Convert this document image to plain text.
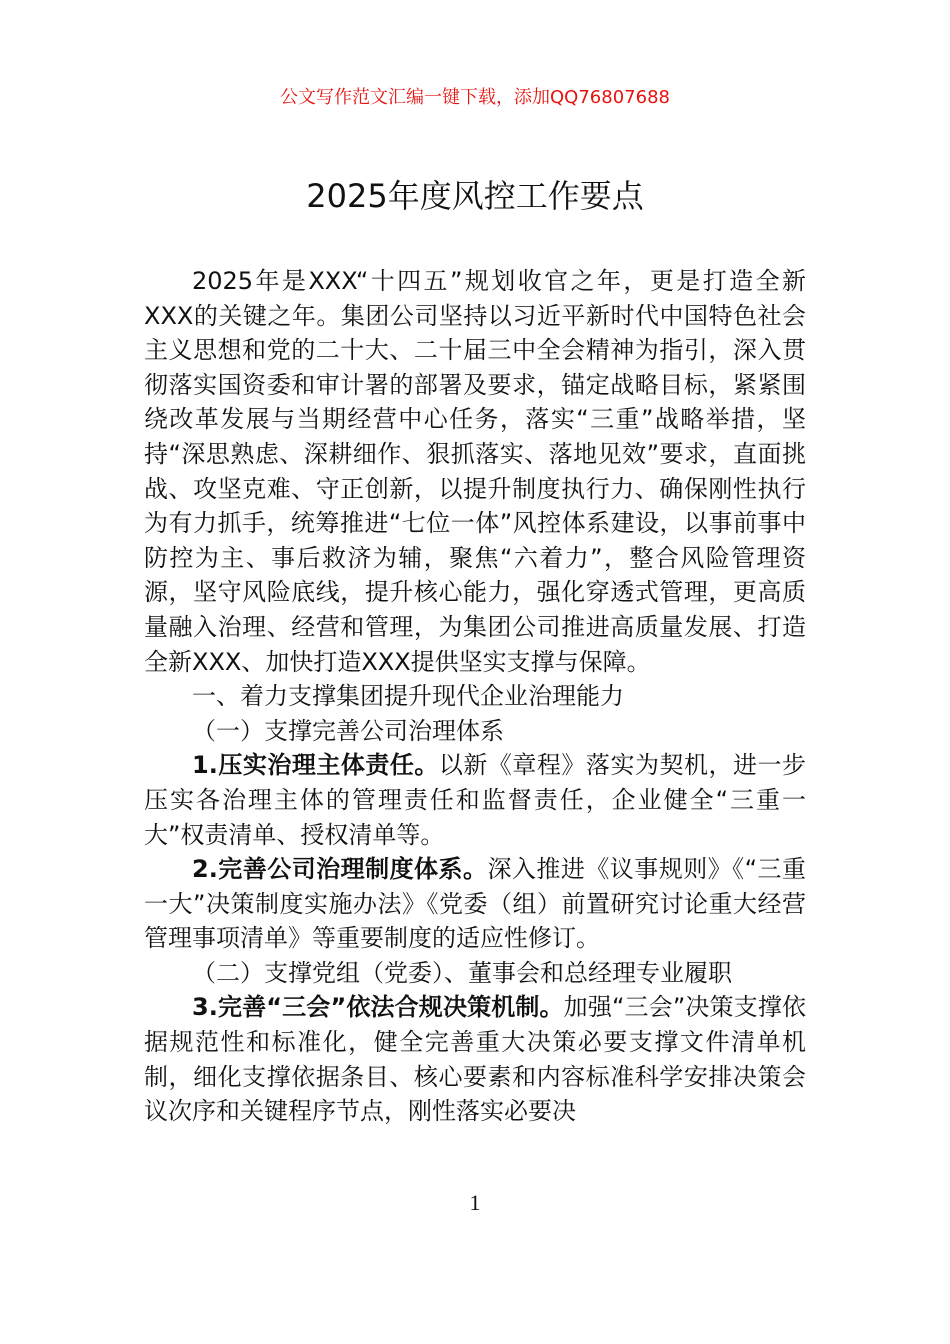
公文写作范文汇编一键下载，添加QQ76807688
2025年度风控工作要点

2025年是XXX“十四五”规划收官之年，更是打造全新XXX的关键之年。集团公司坚持以习近平新时代中国特色社会主义思想和党的二十大、二十届三中全会精神为指引，深入贯彻落实国资委和审计署的部署及要求，锚定战略目标，紧紧围绕改革发展与当期经营中心任务，落实“三重”战略举措，坚持“深思熟虑、深耕细作、狠抓落实、落地见效”要求，直面挑战、攻坚克难、守正创新，以提升制度执行力、确保刚性执行为有力抓手，统筹推进“七位一体”风控体系建设，以事前事中防控为主、事后救济为辅，聚焦“六着力”，整合风险管理资源，坚守风险底线，提升核心能力，强化穿透式管理，更高质量融入治理、经营和管理，为集团公司推进高质量发展、打造全新XXX、加快打造XXX提供坚实支撑与保障。

一、着力支撑集团提升现代企业治理能力

（一）支撑完善公司治理体系

1.压实治理主体责任。以新《章程》落实为契机，进一步压实各治理主体的管理责任和监督责任，企业健全“三重一大”权责清单、授权清单等。

2.完善公司治理制度体系。深入推进《议事规则》《“三重一大”决策制度实施办法》《党委（组）前置研究讨论重大经营管理事项清单》等重要制度的适应性修订。

（二）支撑党组（党委）、董事会和总经理专业履职

3.完善“三会”依法合规决策机制。加强“三会”决策支撑依据规范性和标准化，健全完善重大决策必要支撑文件清单机制，细化支撑依据条目、核心要素和内容标准科学安排决策会议次序和关键程序节点，刚性落实必要决

1
